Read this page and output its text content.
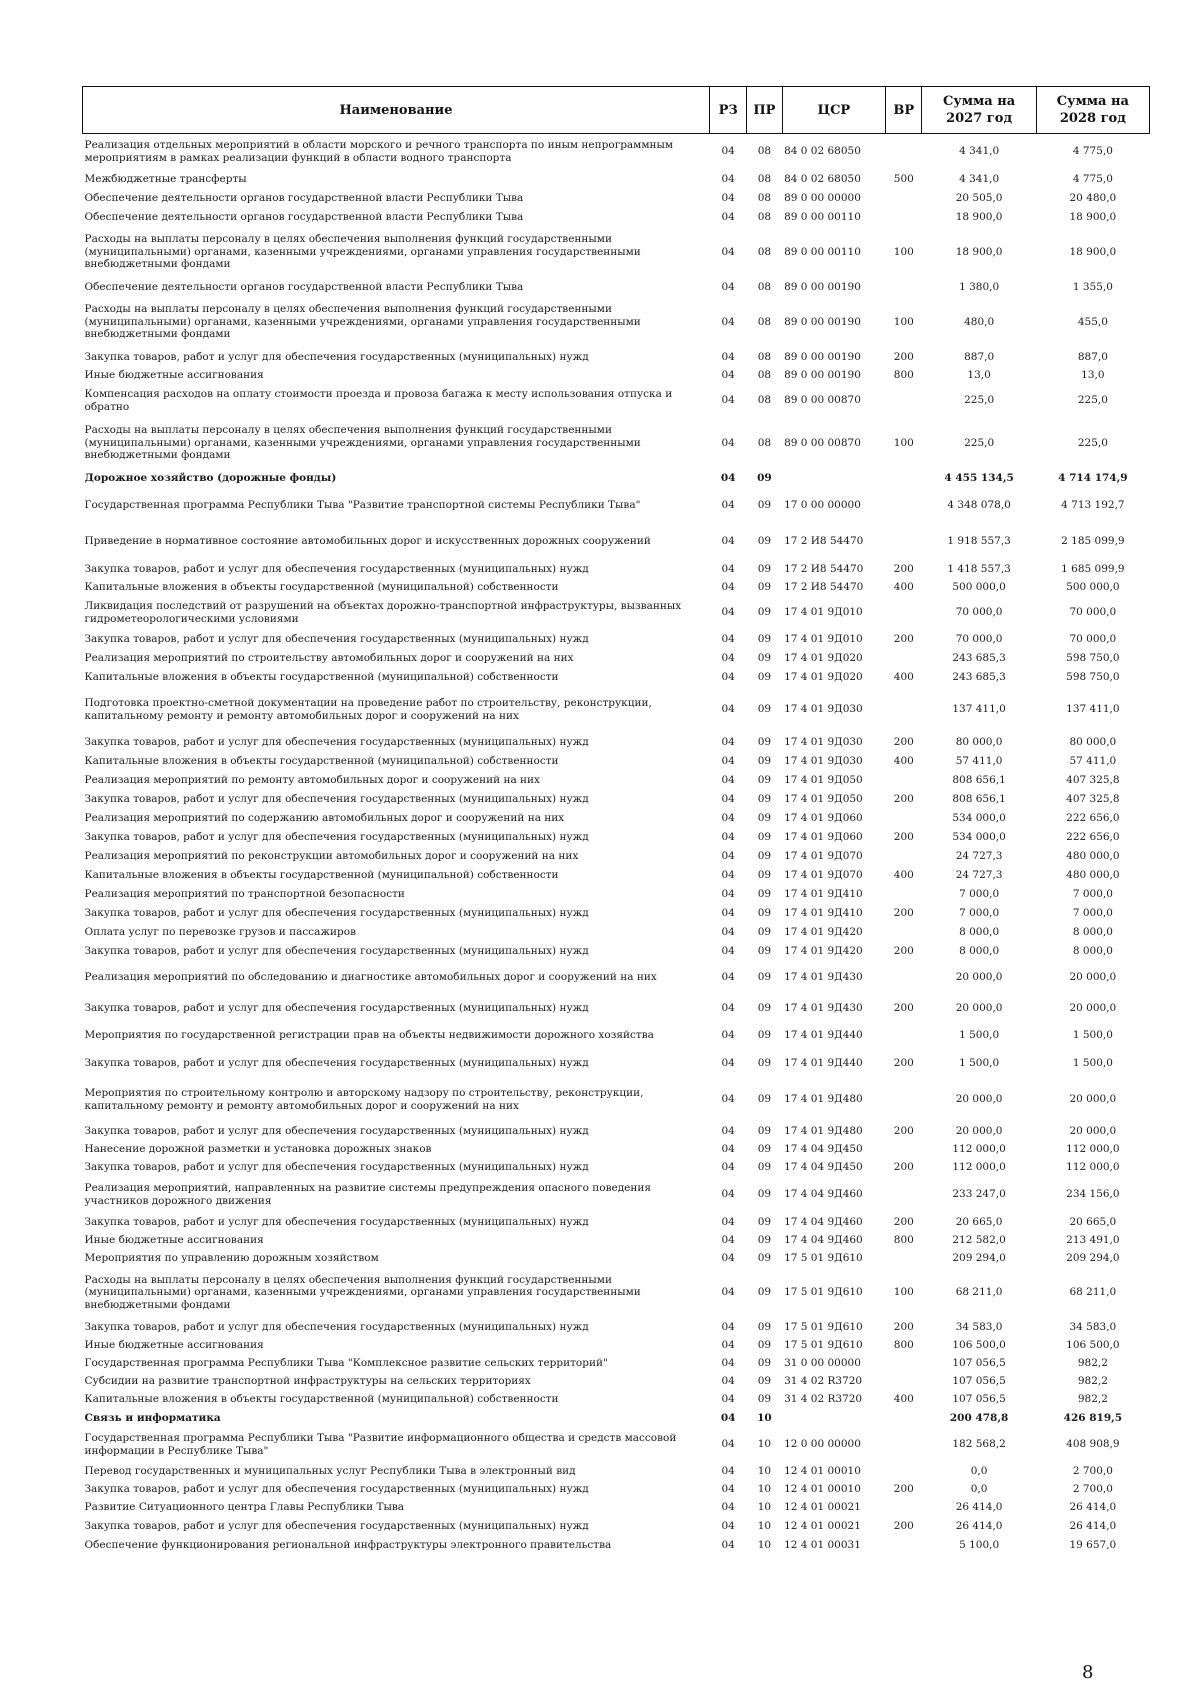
Наименование	РЗ	ПР	ЦСР	ВР	Сумма на 2027 год	Сумма на 2028 год
Реализация отдельных мероприятий в области морского и речного транспорта по иным непрограммным мероприятиям в рамках реализации функций в области водного транспорта	04	08	84 0 02 68050		4 341,0	4 775,0
Межбюджетные трансферты	04	08	84 0 02 68050	500	4 341,0	4 775,0
Обеспечение деятельности органов государственной власти Республики Тыва	04	08	89 0 00 00000		20 505,0	20 480,0
Обеспечение деятельности органов государственной власти Республики Тыва	04	08	89 0 00 00110		18 900,0	18 900,0
Расходы на выплаты персоналу в целях обеспечения выполнения функций государственными (муниципальными) органами, казенными учреждениями, органами управления государственными внебюджетными фондами	04	08	89 0 00 00110	100	18 900,0	18 900,0
Обеспечение деятельности органов государственной власти Республики Тыва	04	08	89 0 00 00190		1 380,0	1 355,0
Расходы на выплаты персоналу в целях обеспечения выполнения функций государственными (муниципальными) органами, казенными учреждениями, органами управления государственными внебюджетными фондами	04	08	89 0 00 00190	100	480,0	455,0
Закупка товаров, работ и услуг для обеспечения государственных (муниципальных) нужд	04	08	89 0 00 00190	200	887,0	887,0
Иные бюджетные ассигнования	04	08	89 0 00 00190	800	13,0	13,0
Компенсация расходов на оплату стоимости проезда и провоза багажа к месту использования отпуска и обратно	04	08	89 0 00 00870		225,0	225,0
Расходы на выплаты персоналу в целях обеспечения выполнения функций государственными (муниципальными) органами, казенными учреждениями, органами управления государственными внебюджетными фондами	04	08	89 0 00 00870	100	225,0	225,0
Дорожное хозяйство (дорожные фонды)	04	09			4 455 134,5	4 714 174,9
Государственная программа Республики Тыва "Развитие транспортной системы Республики Тыва"	04	09	17 0 00 00000		4 348 078,0	4 713 192,7
Приведение в нормативное состояние автомобильных дорог и искусственных дорожных сооружений	04	09	17 2 И8 54470		1 918 557,3	2 185 099,9
Закупка товаров, работ и услуг для обеспечения государственных (муниципальных) нужд	04	09	17 2 И8 54470	200	1 418 557,3	1 685 099,9
Капитальные вложения в объекты государственной (муниципальной) собственности	04	09	17 2 И8 54470	400	500 000,0	500 000,0
Ликвидация последствий от разрушений на объектах дорожно-транспортной инфраструктуры, вызванных гидрометеорологическими условиями	04	09	17 4 01 9Д010		70 000,0	70 000,0
Закупка товаров, работ и услуг для обеспечения государственных (муниципальных) нужд	04	09	17 4 01 9Д010	200	70 000,0	70 000,0
Реализация мероприятий по строительству автомобильных дорог и сооружений на них	04	09	17 4 01 9Д020		243 685,3	598 750,0
Капитальные вложения в объекты государственной (муниципальной) собственности	04	09	17 4 01 9Д020	400	243 685,3	598 750,0
Подготовка проектно-сметной документации на проведение работ по строительству, реконструкции, капитальному ремонту и ремонту автомобильных дорог и сооружений на них	04	09	17 4 01 9Д030		137 411,0	137 411,0
Закупка товаров, работ и услуг для обеспечения государственных (муниципальных) нужд	04	09	17 4 01 9Д030	200	80 000,0	80 000,0
Капитальные вложения в объекты государственной (муниципальной) собственности	04	09	17 4 01 9Д030	400	57 411,0	57 411,0
Реализация мероприятий по ремонту автомобильных дорог и сооружений на них	04	09	17 4 01 9Д050		808 656,1	407 325,8
Закупка товаров, работ и услуг для обеспечения государственных (муниципальных) нужд	04	09	17 4 01 9Д050	200	808 656,1	407 325,8
Реализация мероприятий по содержанию автомобильных дорог и сооружений на них	04	09	17 4 01 9Д060		534 000,0	222 656,0
Закупка товаров, работ и услуг для обеспечения государственных (муниципальных) нужд	04	09	17 4 01 9Д060	200	534 000,0	222 656,0
Реализация мероприятий по реконструкции автомобильных дорог и сооружений на них	04	09	17 4 01 9Д070		24 727,3	480 000,0
Капитальные вложения в объекты государственной (муниципальной) собственности	04	09	17 4 01 9Д070	400	24 727,3	480 000,0
Реализация мероприятий по транспортной безопасности	04	09	17 4 01 9Д410		7 000,0	7 000,0
Закупка товаров, работ и услуг для обеспечения государственных (муниципальных) нужд	04	09	17 4 01 9Д410	200	7 000,0	7 000,0
Оплата услуг по перевозке грузов и пассажиров	04	09	17 4 01 9Д420		8 000,0	8 000,0
Закупка товаров, работ и услуг для обеспечения государственных (муниципальных) нужд	04	09	17 4 01 9Д420	200	8 000,0	8 000,0
Реализация мероприятий по обследованию и диагностике автомобильных дорог и сооружений на них	04	09	17 4 01 9Д430		20 000,0	20 000,0
Закупка товаров, работ и услуг для обеспечения государственных (муниципальных) нужд	04	09	17 4 01 9Д430	200	20 000,0	20 000,0
Мероприятия по государственной регистрации прав на объекты недвижимости дорожного хозяйства	04	09	17 4 01 9Д440		1 500,0	1 500,0
Закупка товаров, работ и услуг для обеспечения государственных (муниципальных) нужд	04	09	17 4 01 9Д440	200	1 500,0	1 500,0
Мероприятия по строительному контролю и авторскому надзору по строительству, реконструкции, капитальному ремонту и ремонту автомобильных дорог и сооружений на них	04	09	17 4 01 9Д480		20 000,0	20 000,0
Закупка товаров, работ и услуг для обеспечения государственных (муниципальных) нужд	04	09	17 4 01 9Д480	200	20 000,0	20 000,0
Нанесение дорожной разметки и установка дорожных знаков	04	09	17 4 04 9Д450		112 000,0	112 000,0
Закупка товаров, работ и услуг для обеспечения государственных (муниципальных) нужд	04	09	17 4 04 9Д450	200	112 000,0	112 000,0
Реализация мероприятий, направленных на развитие системы предупреждения опасного поведения участников дорожного движения	04	09	17 4 04 9Д460		233 247,0	234 156,0
Закупка товаров, работ и услуг для обеспечения государственных (муниципальных) нужд	04	09	17 4 04 9Д460	200	20 665,0	20 665,0
Иные бюджетные ассигнования	04	09	17 4 04 9Д460	800	212 582,0	213 491,0
Мероприятия по управлению дорожным хозяйством	04	09	17 5 01 9Д610		209 294,0	209 294,0
Расходы на выплаты персоналу в целях обеспечения выполнения функций государственными (муниципальными) органами, казенными учреждениями, органами управления государственными внебюджетными фондами	04	09	17 5 01 9Д610	100	68 211,0	68 211,0
Закупка товаров, работ и услуг для обеспечения государственных (муниципальных) нужд	04	09	17 5 01 9Д610	200	34 583,0	34 583,0
Иные бюджетные ассигнования	04	09	17 5 01 9Д610	800	106 500,0	106 500,0
Государственная программа Республики Тыва "Комплексное развитие сельских территорий"	04	09	31 0 00 00000		107 056,5	982,2
Субсидии на развитие транспортной инфраструктуры на сельских территориях	04	09	31 4 02 R3720		107 056,5	982,2
Капитальные вложения в объекты государственной (муниципальной) собственности	04	09	31 4 02 R3720	400	107 056,5	982,2
Связь и информатика	04	10			200 478,8	426 819,5
Государственная программа Республики Тыва "Развитие информационного общества и средств массовой информации в Республике Тыва"	04	10	12 0 00 00000		182 568,2	408 908,9
Перевод государственных и муниципальных услуг Республики Тыва в электронный вид	04	10	12 4 01 00010		0,0	2 700,0
Закупка товаров, работ и услуг для обеспечения государственных (муниципальных) нужд	04	10	12 4 01 00010	200	0,0	2 700,0
Развитие Ситуационного центра Главы Республики Тыва	04	10	12 4 01 00021		26 414,0	26 414,0
Закупка товаров, работ и услуг для обеспечения государственных (муниципальных) нужд	04	10	12 4 01 00021	200	26 414,0	26 414,0
Обеспечение функционирования региональной инфраструктуры электронного правительства	04	10	12 4 01 00031		5 100,0	19 657,0
8
